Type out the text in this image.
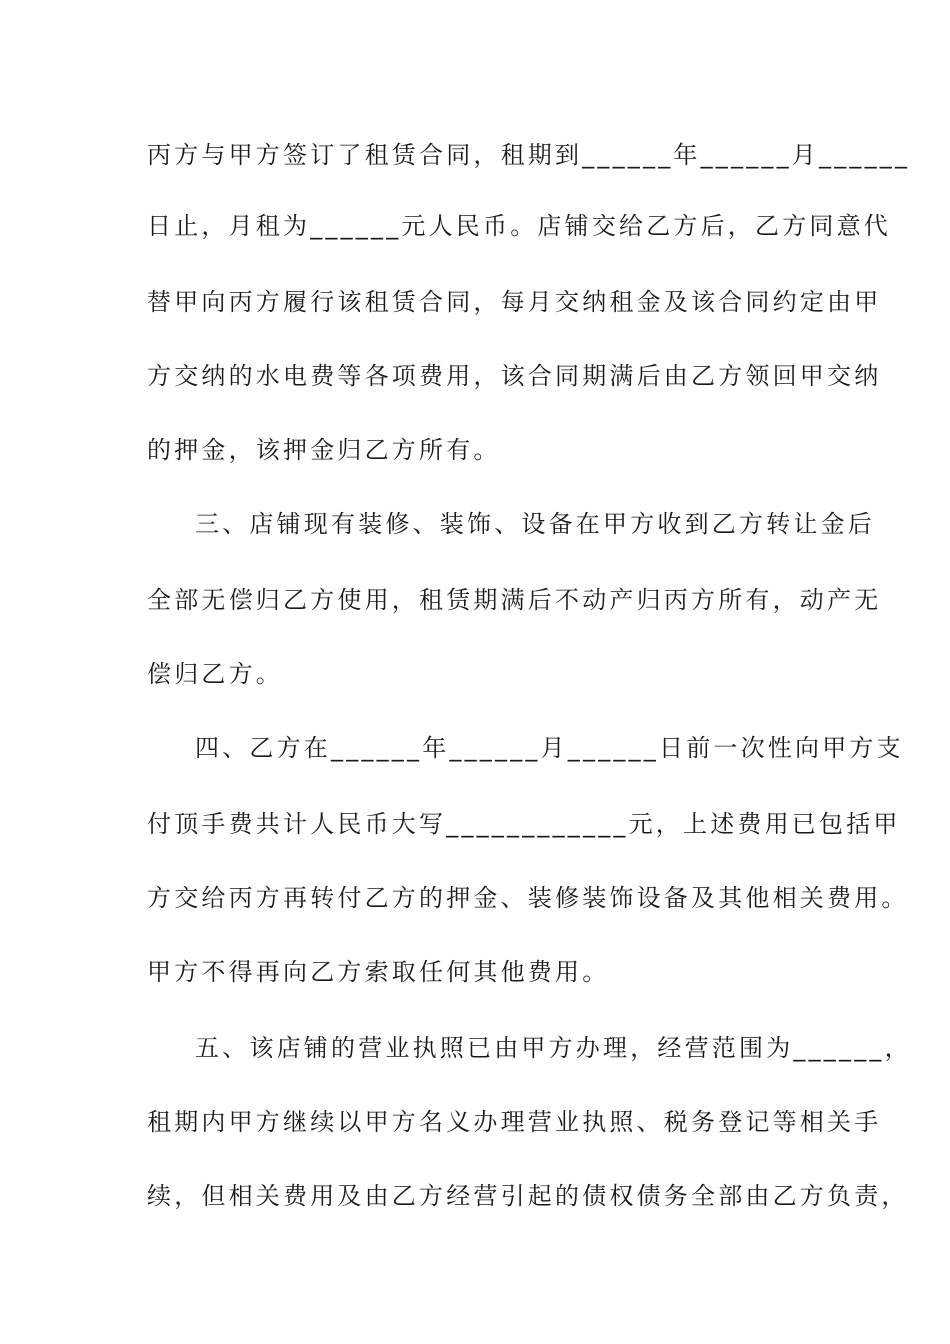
丙方与甲方签订了租赁合同，租期到______年______月______
日止，月租为______元人民币。店铺交给乙方后，乙方同意代
替甲向丙方履行该租赁合同，每月交纳租金及该合同约定由甲
方交纳的水电费等各项费用，该合同期满后由乙方领回甲交纳
的押金，该押金归乙方所有。
三、店铺现有装修、装饰、设备在甲方收到乙方转让金后
全部无偿归乙方使用，租赁期满后不动产归丙方所有，动产无
偿归乙方。
四、乙方在______年______月______日前一次性向甲方支
付顶手费共计人民币大写____________元，上述费用已包括甲
方交给丙方再转付乙方的押金、装修装饰设备及其他相关费用。
甲方不得再向乙方索取任何其他费用。
五、该店铺的营业执照已由甲方办理，经营范围为______，
租期内甲方继续以甲方名义办理营业执照、税务登记等相关手
续，但相关费用及由乙方经营引起的债权债务全部由乙方负责，
